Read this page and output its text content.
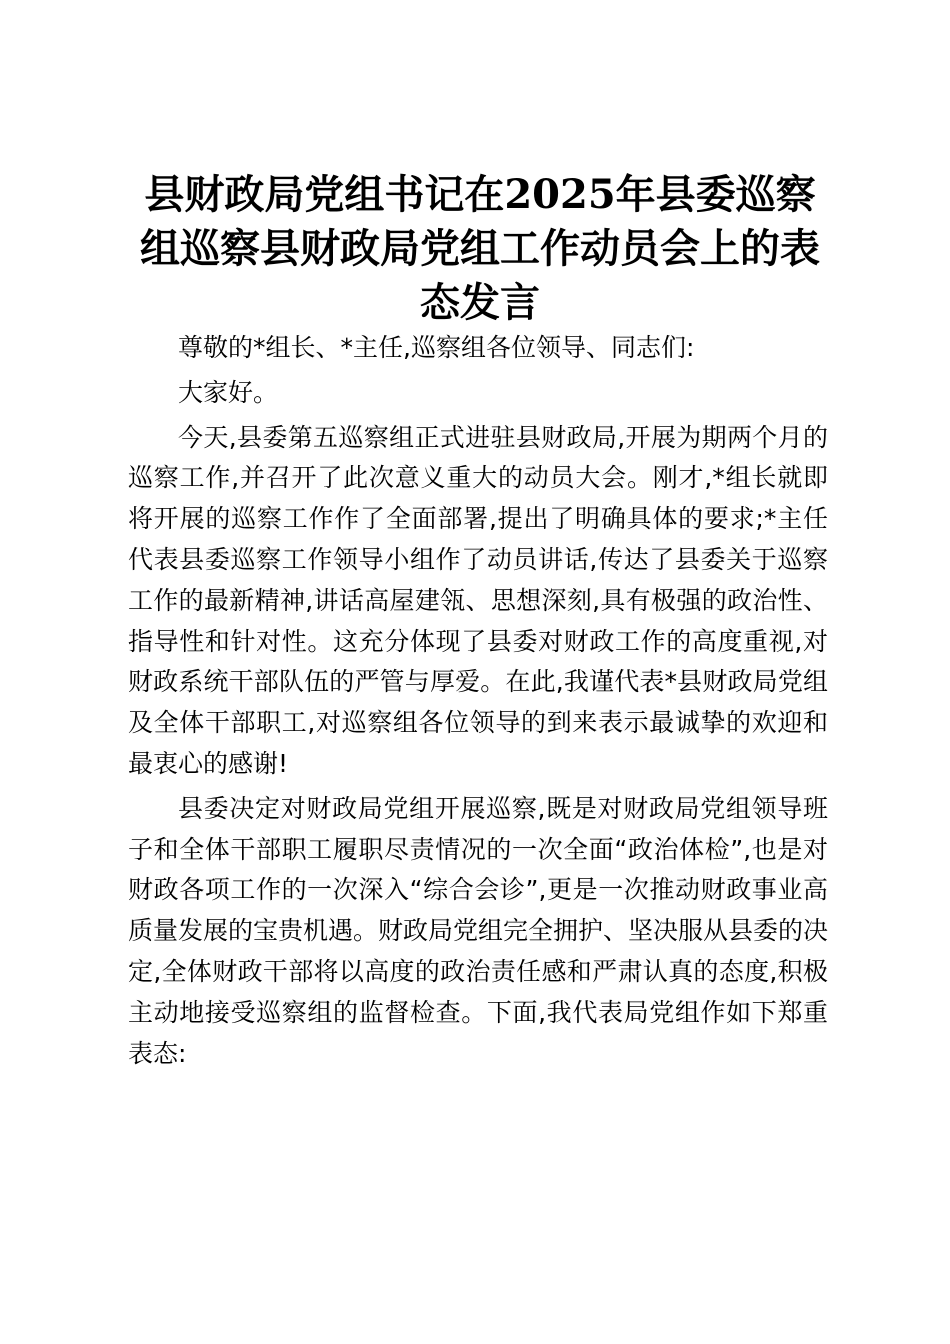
县财政局党组书记在2025年县委巡察组巡察县财政局党组工作动员会上的表态发言

尊敬的*组长、*主任,巡察组各位领导、同志们:

大家好。

今天,县委第五巡察组正式进驻县财政局,开展为期两个月的巡察工作,并召开了此次意义重大的动员大会。刚才,*组长就即将开展的巡察工作作了全面部署,提出了明确具体的要求;*主任代表县委巡察工作领导小组作了动员讲话,传达了县委关于巡察工作的最新精神,讲话高屋建瓴、思想深刻,具有极强的政治性、指导性和针对性。这充分体现了县委对财政工作的高度重视,对财政系统干部队伍的严管与厚爱。在此,我谨代表*县财政局党组及全体干部职工,对巡察组各位领导的到来表示最诚挚的欢迎和最衷心的感谢!

县委决定对财政局党组开展巡察,既是对财政局党组领导班子和全体干部职工履职尽责情况的一次全面“政治体检”,也是对财政各项工作的一次深入“综合会诊”,更是一次推动财政事业高质量发展的宝贵机遇。财政局党组完全拥护、坚决服从县委的决定,全体财政干部将以高度的政治责任感和严肃认真的态度,积极主动地接受巡察组的监督检查。下面,我代表局党组作如下郑重表态:
